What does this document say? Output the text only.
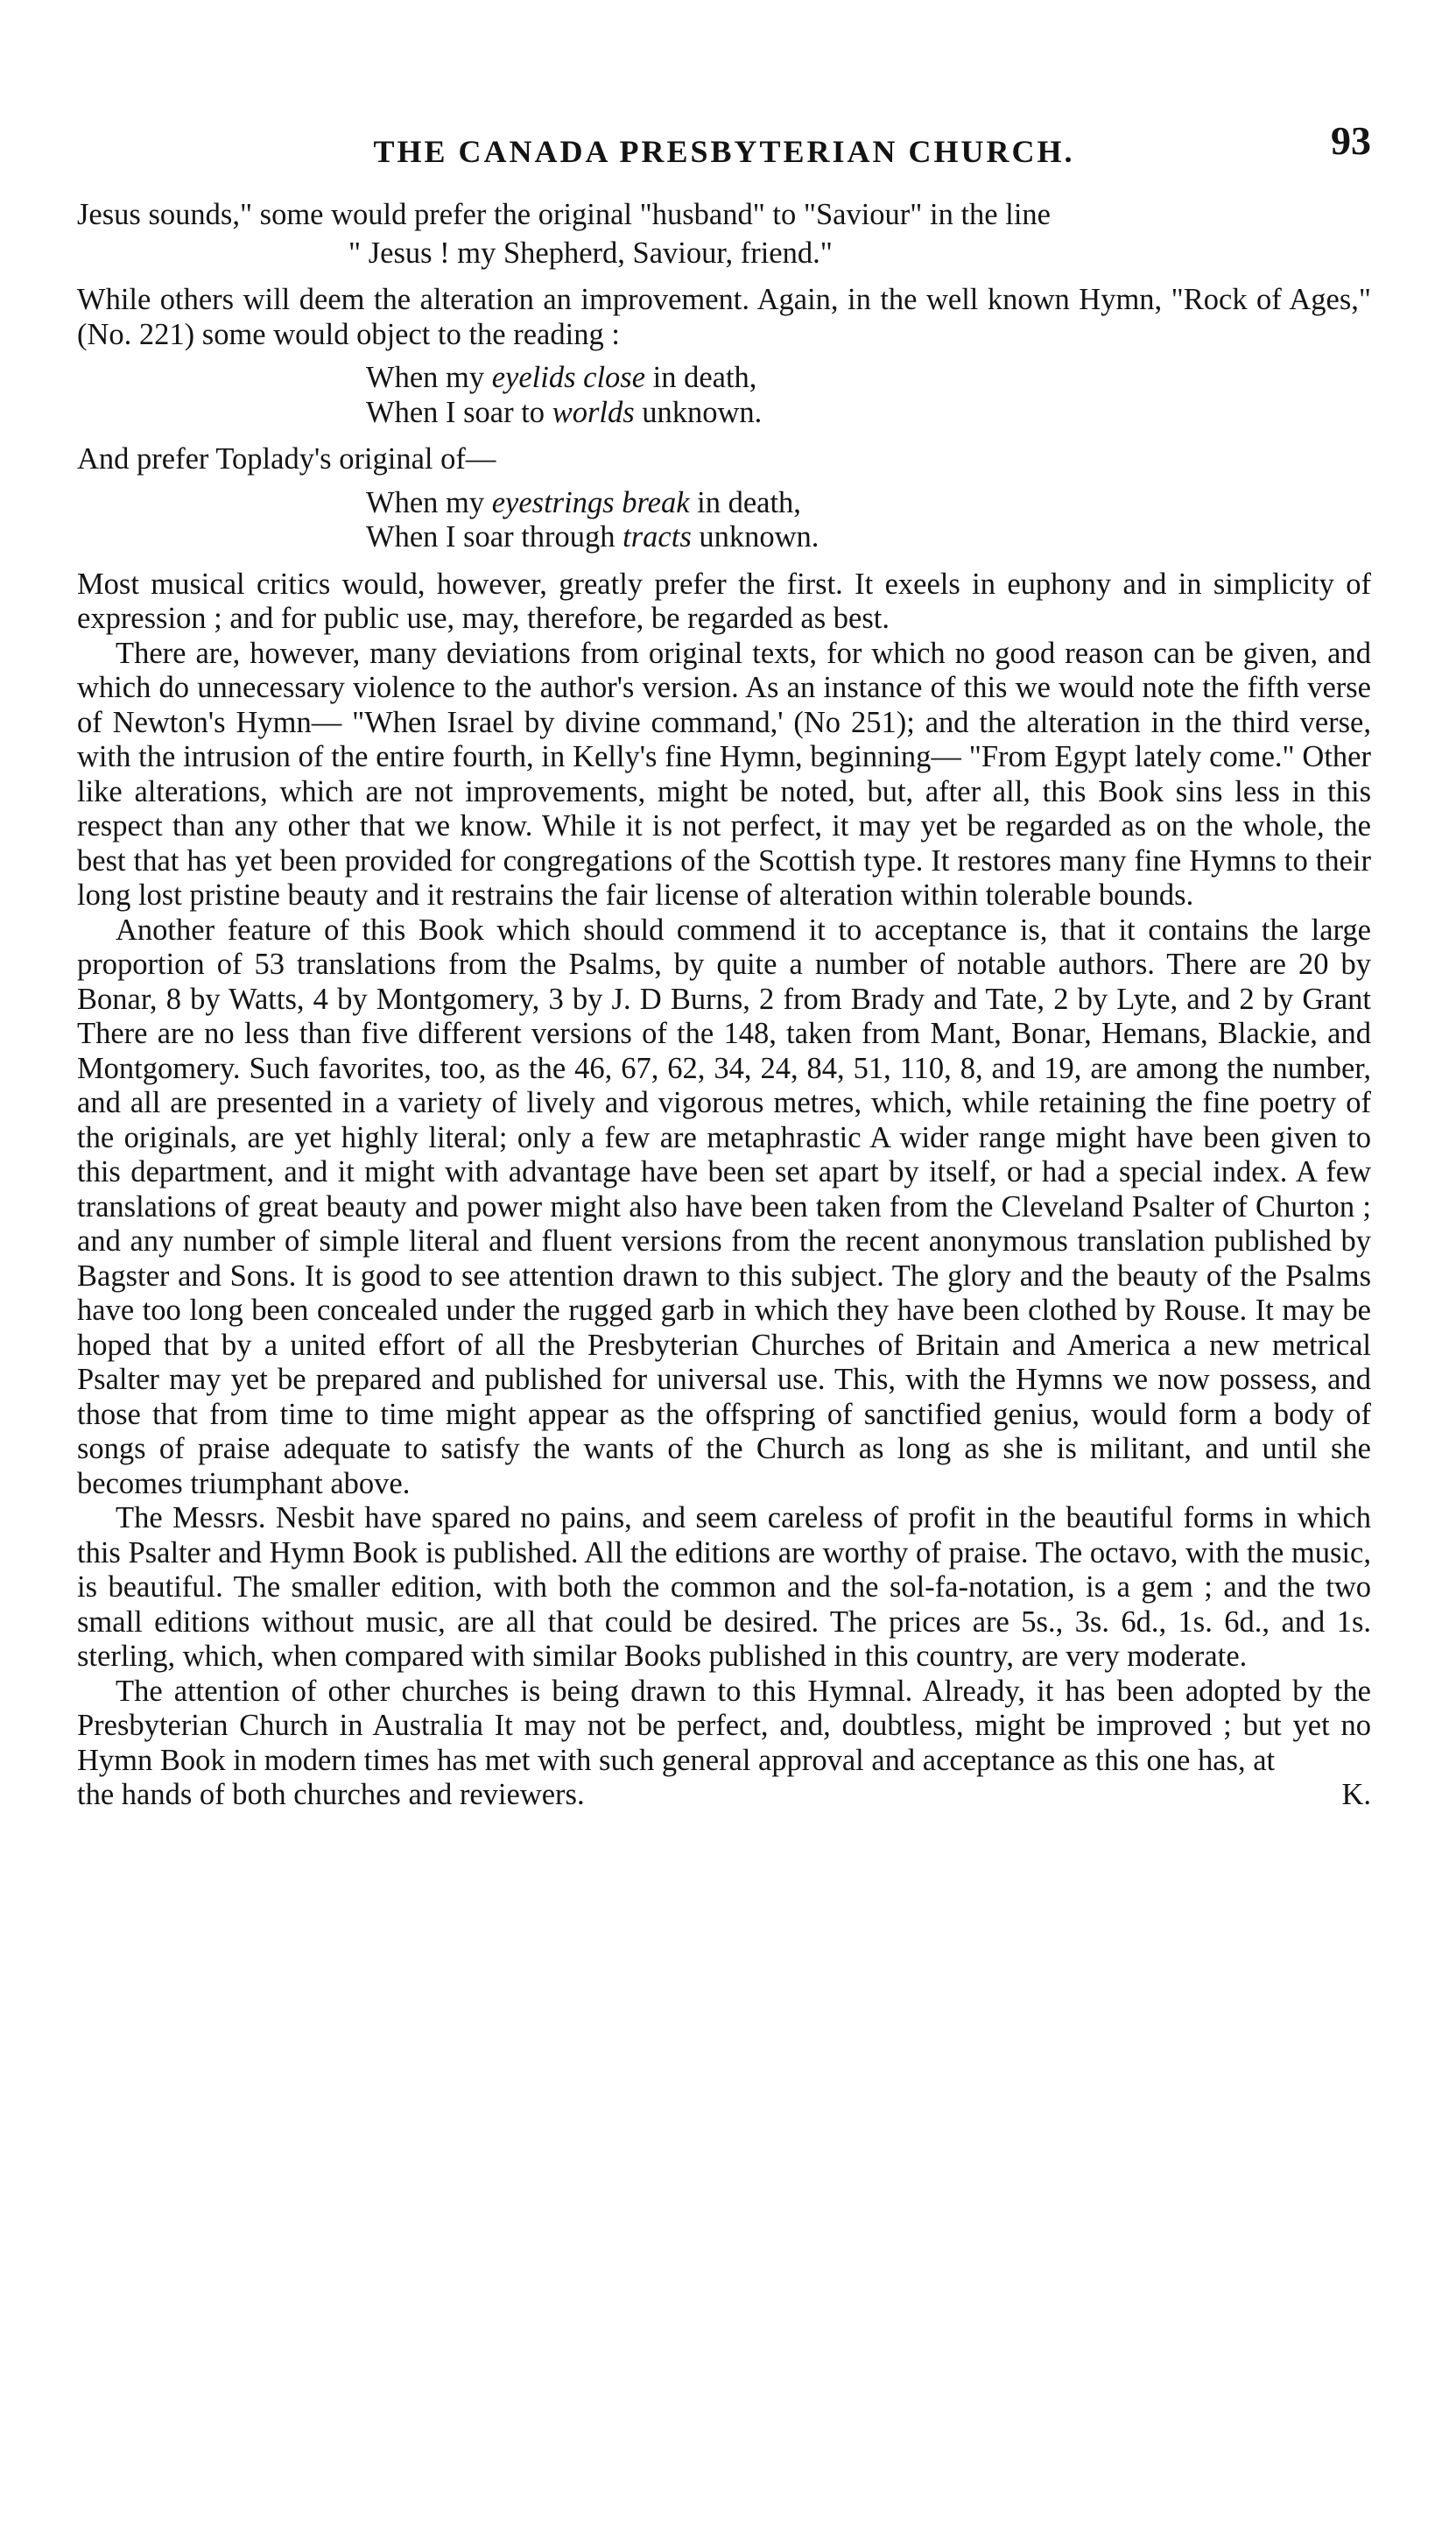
THE CANADA PRESBYTERIAN CHURCH.	93

Jesus sounds," some would prefer the original "husband" to "Saviour" in the line

" Jesus ! my Shepherd, Saviour, friend."

While others will deem the alteration an improvement. Again, in the well known Hymn, "Rock of Ages," (No. 221) some would object to the reading :

When my eyelids close in death,
When I soar to worlds unknown.

And prefer Toplady's original of—

When my eyestrings break in death,
When I soar through tracts unknown.

Most musical critics would, however, greatly prefer the first. It exeels in euphony and in simplicity of expression ; and for public use, may, therefore, be regarded as best.

There are, however, many deviations from original texts, for which no good reason can be given, and which do unnecessary violence to the author's version. As an instance of this we would note the fifth verse of Newton's Hymn— "When Israel by divine command,' (No 251); and the alteration in the third verse, with the intrusion of the entire fourth, in Kelly's fine Hymn, beginning— "From Egypt lately come." Other like alterations, which are not improvements, might be noted, but, after all, this Book sins less in this respect than any other that we know. While it is not perfect, it may yet be regarded as on the whole, the best that has yet been provided for congregations of the Scottish type. It restores many fine Hymns to their long lost pristine beauty and it restrains the fair license of alteration within tolerable bounds.

Another feature of this Book which should commend it to acceptance is, that it contains the large proportion of 53 translations from the Psalms, by quite a number of notable authors. There are 20 by Bonar, 8 by Watts, 4 by Montgomery, 3 by J. D Burns, 2 from Brady and Tate, 2 by Lyte, and 2 by Grant There are no less than five different versions of the 148, taken from Mant, Bonar, Hemans, Blackie, and Montgomery. Such favorites, too, as the 46, 67, 62, 34, 24, 84, 51, 110, 8, and 19, are among the number, and all are presented in a variety of lively and vigorous metres, which, while retaining the fine poetry of the originals, are yet highly literal; only a few are metaphrastic A wider range might have been given to this department, and it might with advantage have been set apart by itself, or had a special index. A few translations of great beauty and power might also have been taken from the Cleveland Psalter of Churton ; and any number of simple literal and fluent versions from the recent anonymous translation published by Bagster and Sons. It is good to see attention drawn to this subject. The glory and the beauty of the Psalms have too long been concealed under the rugged garb in which they have been clothed by Rouse. It may be hoped that by a united effort of all the Presbyterian Churches of Britain and America a new metrical Psalter may yet be prepared and published for universal use. This, with the Hymns we now possess, and those that from time to time might appear as the offspring of sanctified genius, would form a body of songs of praise adequate to satisfy the wants of the Church as long as she is militant, and until she becomes triumphant above.

The Messrs. Nesbit have spared no pains, and seem careless of profit in the beautiful forms in which this Psalter and Hymn Book is published. All the editions are worthy of praise. The octavo, with the music, is beautiful. The smaller edition, with both the common and the sol-fa-notation, is a gem ; and the two small editions without music, are all that could be desired. The prices are 5s., 3s. 6d., 1s. 6d., and 1s. sterling, which, when compared with similar Books published in this country, are very moderate.

The attention of other churches is being drawn to this Hymnal. Already, it has been adopted by the Presbyterian Church in Australia It may not be perfect, and, doubtless, might be improved ; but yet no Hymn Book in modern times has met with such general approval and acceptance as this one has, at

the hands of both churches and reviewers.	K.
